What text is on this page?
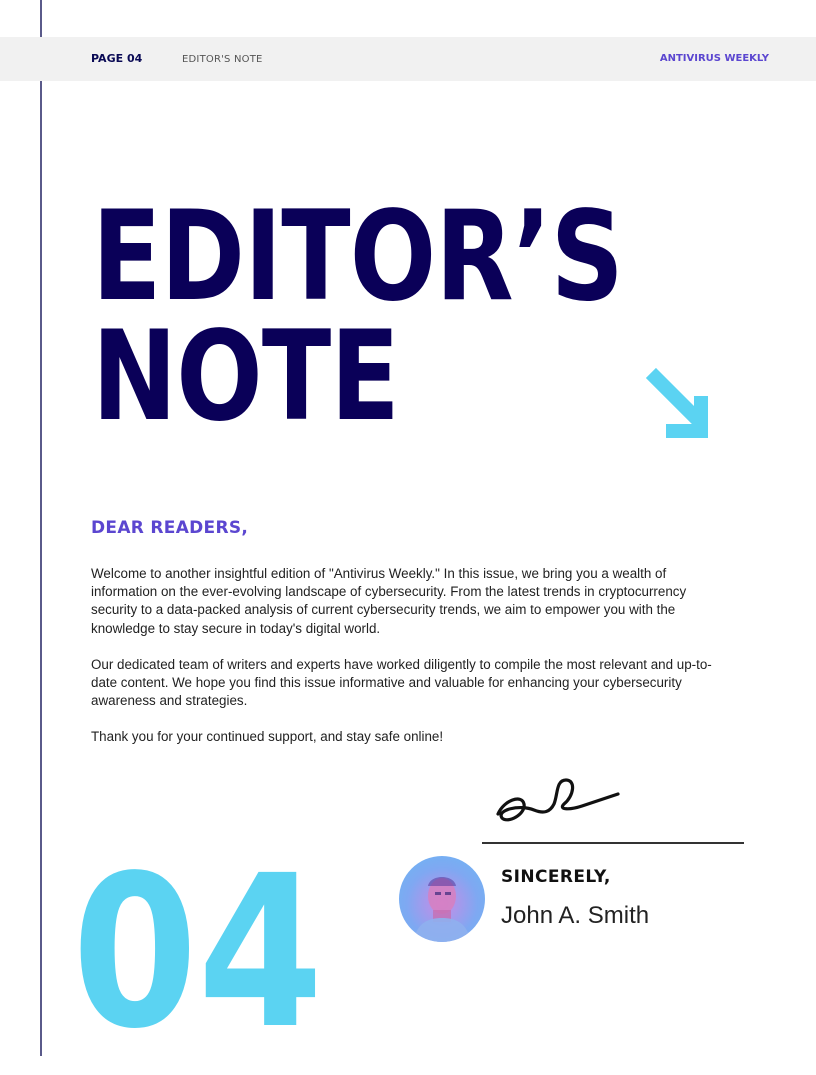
PAGE 04	EDITOR'S NOTE	ANTIVIRUS WEEKLY
EDITOR’S
NOTE
DEAR READERS,

Welcome to another insightful edition of "Antivirus Weekly." In this issue, we bring you a wealth of information on the ever-evolving landscape of cybersecurity. From the latest trends in cryptocurrency security to a data-packed analysis of current cybersecurity trends, we aim to empower you with the knowledge to stay secure in today's digital world.

Our dedicated team of writers and experts have worked diligently to compile the most relevant and up-to-date content. We hope you find this issue informative and valuable for enhancing your cybersecurity awareness and strategies.

Thank you for your continued support, and stay safe online!

SINCERELY,
John A. Smith
04
